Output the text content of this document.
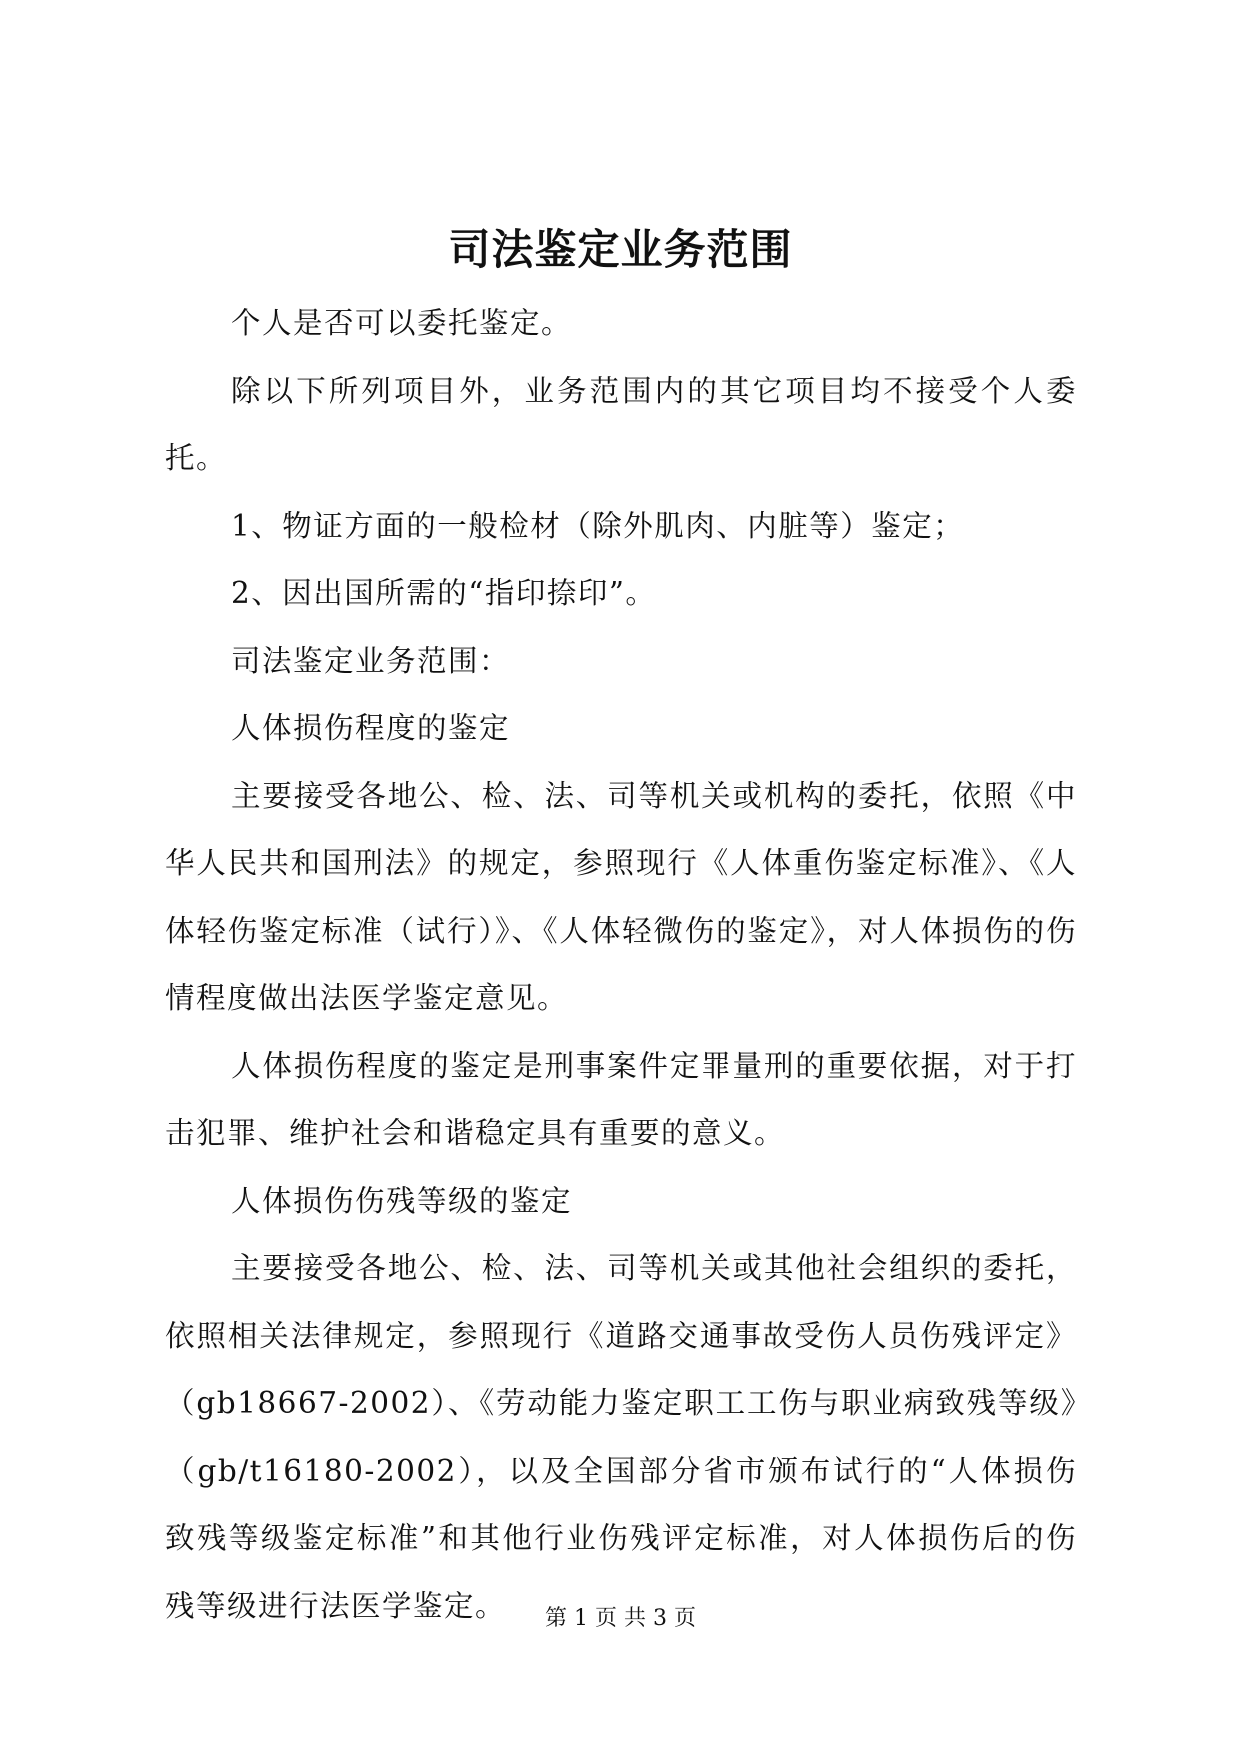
司法鉴定业务范围

个人是否可以委托鉴定。

除以下所列项目外，业务范围内的其它项目均不接受个人委托。

1、物证方面的一般检材（除外肌肉、内脏等）鉴定；

2、因出国所需的“指印捺印”。

司法鉴定业务范围：

人体损伤程度的鉴定

主要接受各地公、检、法、司等机关或机构的委托，依照《中华人民共和国刑法》的规定，参照现行《人体重伤鉴定标准》、《人体轻伤鉴定标准（试行）》、《人体轻微伤的鉴定》，对人体损伤的伤情程度做出法医学鉴定意见。

人体损伤程度的鉴定是刑事案件定罪量刑的重要依据，对于打击犯罪、维护社会和谐稳定具有重要的意义。

人体损伤伤残等级的鉴定

主要接受各地公、检、法、司等机关或其他社会组织的委托，依照相关法律规定，参照现行《道路交通事故受伤人员伤残评定》（gb18667-2002）、《劳动能力鉴定职工工伤与职业病致残等级》（gb/t16180-2002），以及全国部分省市颁布试行的“人体损伤致残等级鉴定标准”和其他行业伤残评定标准，对人体损伤后的伤残等级进行法医学鉴定。	第 1 页 共 3 页
